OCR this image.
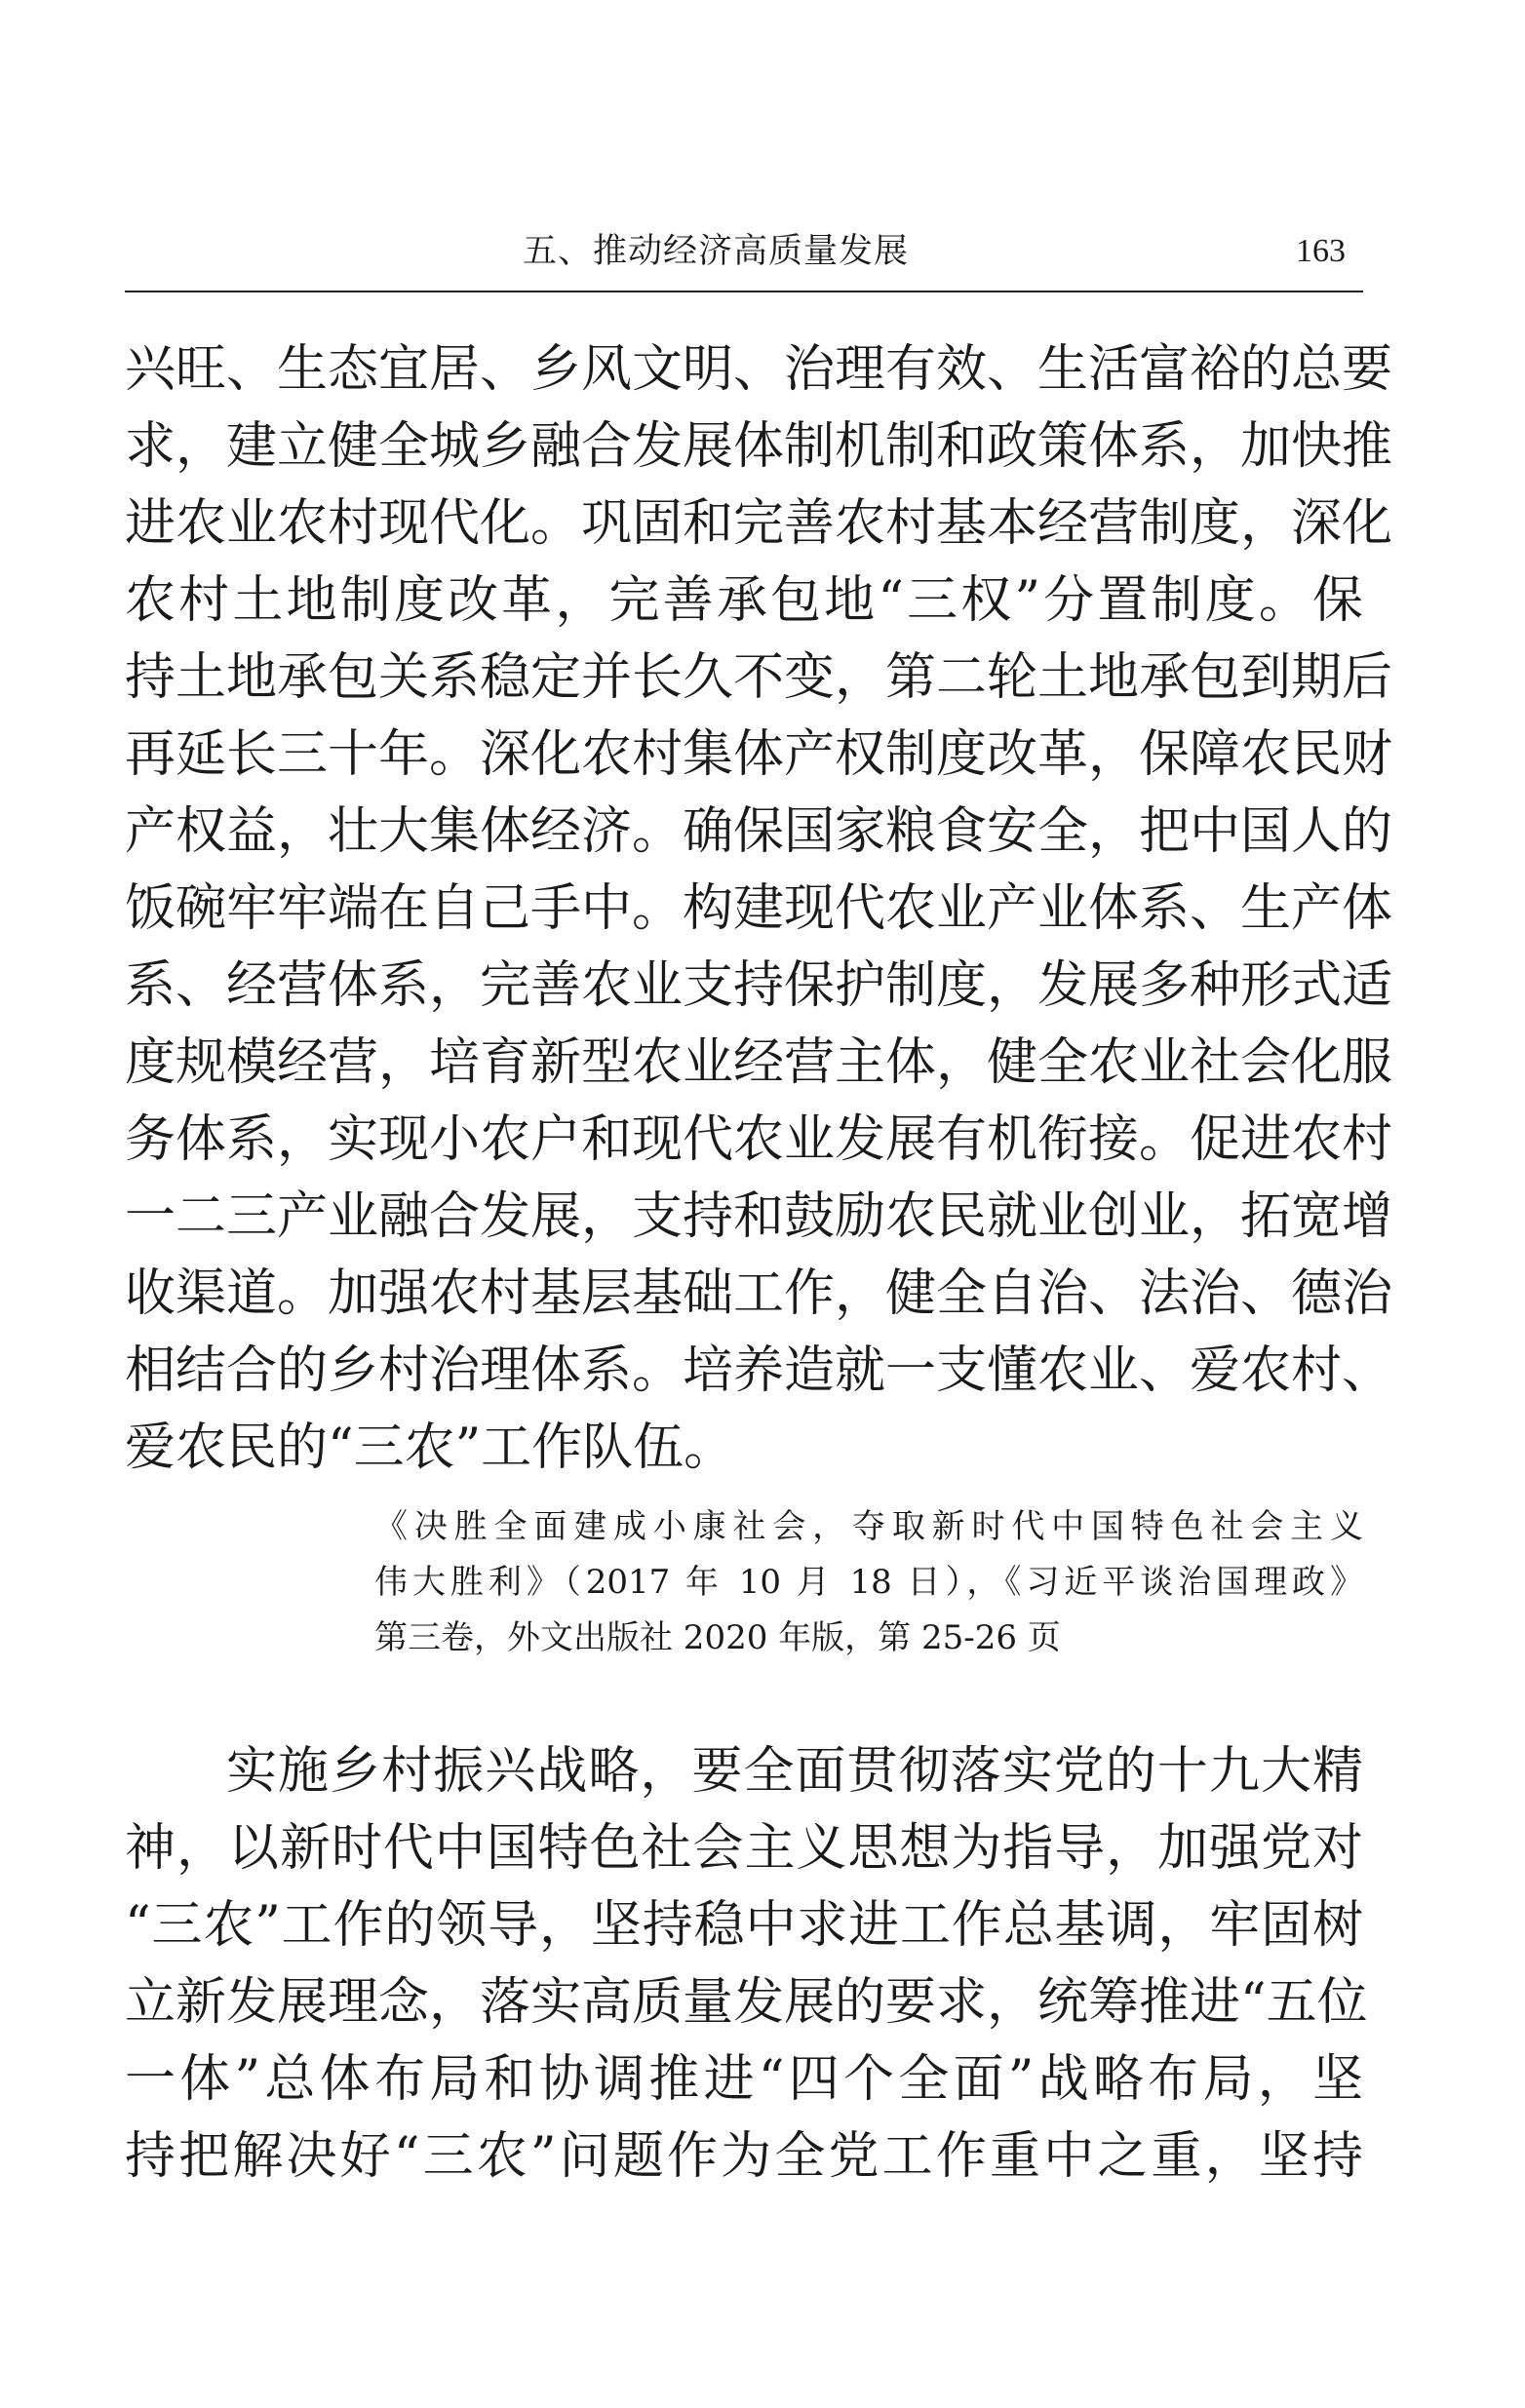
五、推动经济高质量发展	163
兴旺、生态宜居、乡风文明、治理有效、生活富裕的总要
求，建立健全城乡融合发展体制机制和政策体系，加快推
进农业农村现代化。巩固和完善农村基本经营制度，深化
农村土地制度改革，完善承包地“三权”分置制度。保
持土地承包关系稳定并长久不变，第二轮土地承包到期后
再延长三十年。深化农村集体产权制度改革，保障农民财
产权益，壮大集体经济。确保国家粮食安全，把中国人的
饭碗牢牢端在自己手中。构建现代农业产业体系、生产体
系、经营体系，完善农业支持保护制度，发展多种形式适
度规模经营，培育新型农业经营主体，健全农业社会化服
务体系，实现小农户和现代农业发展有机衔接。促进农村
一二三产业融合发展，支持和鼓励农民就业创业，拓宽增
收渠道。加强农村基层基础工作，健全自治、法治、德治
相结合的乡村治理体系。培养造就一支懂农业、爱农村、
爱农民的“三农”工作队伍。
《决胜全面建成小康社会，夺取新时代中国特色社会主义
伟大胜利》（2017 年 10 月 18 日），《习近平谈治国理政》
第三卷，外文出版社 2020 年版，第 25-26 页
实施乡村振兴战略，要全面贯彻落实党的十九大精
神，以新时代中国特色社会主义思想为指导，加强党对
“三农”工作的领导，坚持稳中求进工作总基调，牢固树
立新发展理念，落实高质量发展的要求，统筹推进“五位
一体”总体布局和协调推进“四个全面”战略布局，坚
持把解决好“三农”问题作为全党工作重中之重，坚持
